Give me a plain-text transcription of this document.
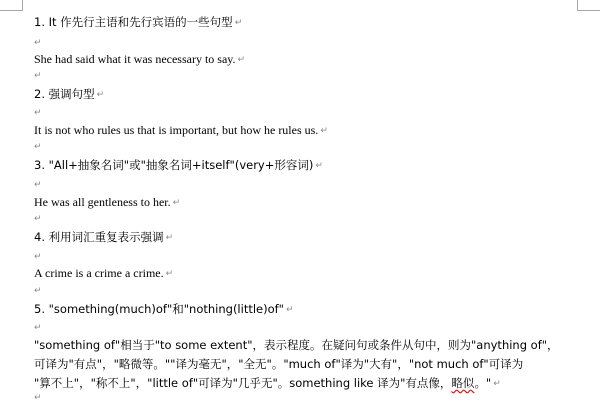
1. It 作先行主语和先行宾语的一些句型 ↵
↵
She had said what it was necessary to say. ↵
↵
2. 强调句型 ↵
↵
It is not who rules us that is important, but how he rules us. ↵
↵
3. "All+抽象名词"或"抽象名词+itself"(very+形容词) ↵
↵
He was all gentleness to her. ↵
↵
4. 利用词汇重复表示强调 ↵
↵
A crime is a crime a crime. ↵
↵
5. "something(much)of"和"nothing(little)of" ↵
↵
"something of"相当于"to some extent"，表示程度。在疑问句或条件从句中，则为"anything of"，
可译为"有点"，"略微等。""译为毫无"，"全无"。"much of"译为"大有"，"not much of"可译为
"算不上"，"称不上"，"little of"可译为"几乎无"。something like 译为"有点像，略似。" ↵
↵
